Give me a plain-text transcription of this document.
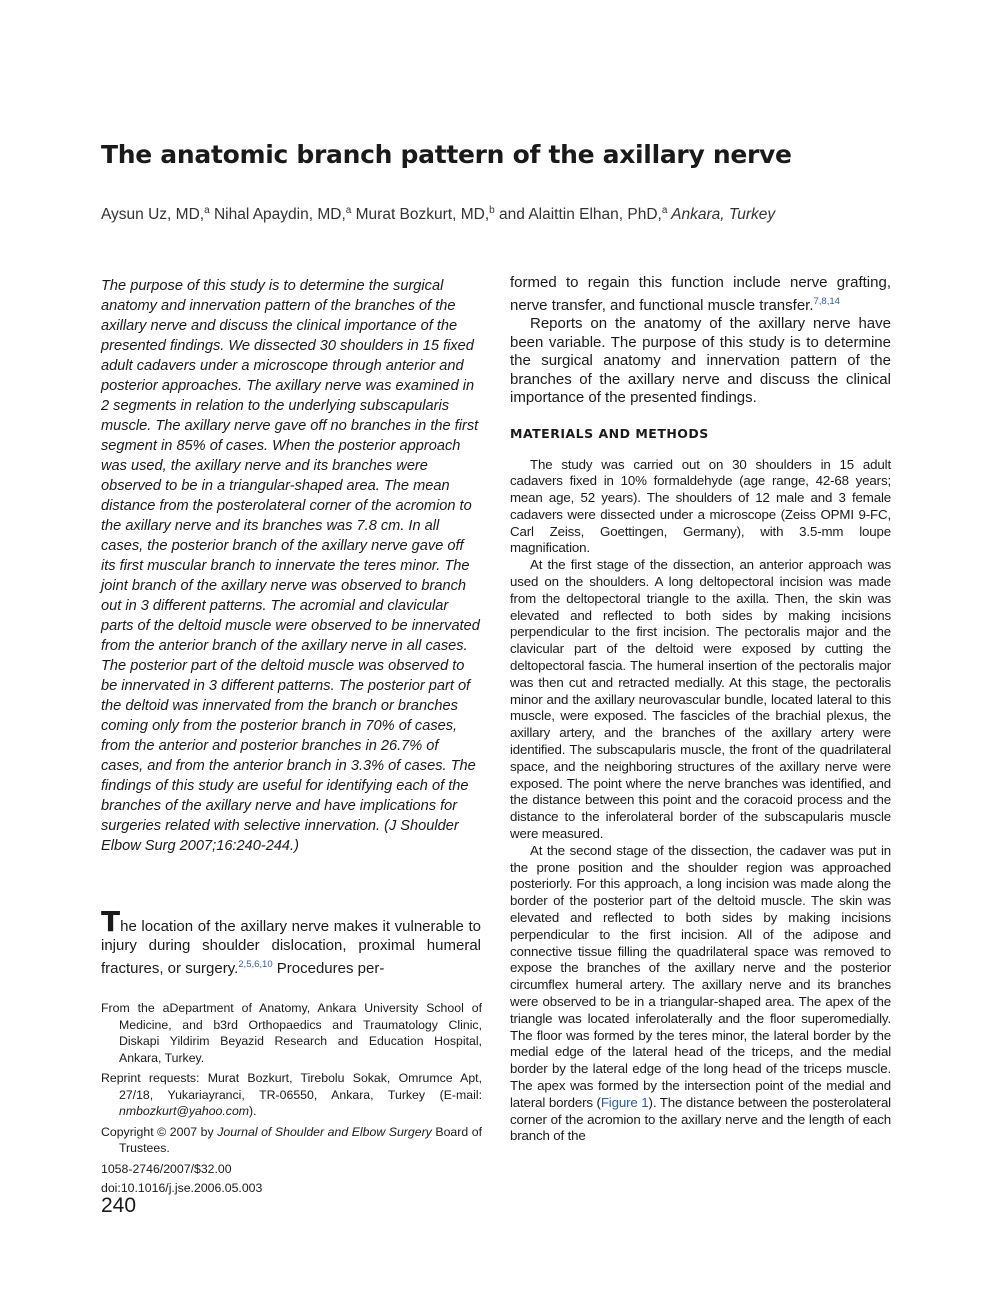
The anatomic branch pattern of the axillary nerve
Aysun Uz, MD,$^a$ Nihal Apaydin, MD,$^a$ Murat Bozkurt, MD,$^b$ and Alaittin Elhan, PhD,$^a$ Ankara, Turkey

The purpose of this study is to determine the surgical anatomy and innervation pattern of the branches of the axillary nerve and discuss the clinical importance of the presented findings. We dissected 30 shoulders in 15 fixed adult cadavers under a microscope through anterior and posterior approaches. The axillary nerve was examined in 2 segments in relation to the underlying subscapularis muscle. The axillary nerve gave off no branches in the first segment in 85% of cases. When the posterior approach was used, the axillary nerve and its branches were observed to be in a triangular-shaped area. The mean distance from the posterolateral corner of the acromion to the axillary nerve and its branches was 7.8 cm. In all cases, the posterior branch of the axillary nerve gave off its first muscular branch to innervate the teres minor. The joint branch of the axillary nerve was observed to branch out in 3 different patterns. The acromial and clavicular parts of the deltoid muscle were observed to be innervated from the anterior branch of the axillary nerve in all cases. The posterior part of the deltoid muscle was observed to be innervated in 3 different patterns. The posterior part of the deltoid was innervated from the branch or branches coming only from the posterior branch in 70% of cases, from the anterior and posterior branches in 26.7% of cases, and from the anterior branch in 3.3% of cases. The findings of this study are useful for identifying each of the branches of the axillary nerve and have implications for surgeries related with selective innervation. (J Shoulder Elbow Surg 2007;16:240-244.)

The location of the axillary nerve makes it vulnerable to injury during shoulder dislocation, proximal humeral fractures, or surgery.$^{2,5,6,10}$ Procedures per-

From the aDepartment of Anatomy, Ankara University School of Medicine, and b3rd Orthopaedics and Traumatology Clinic, Diskapi Yildirim Beyazid Research and Education Hospital, Ankara, Turkey.

Reprint requests: Murat Bozkurt, Tirebolu Sokak, Omrumce Apt, 27/18, Yukariayranci, TR-06550, Ankara, Turkey (E-mail: nmbozkurt@yahoo.com).

Copyright © 2007 by Journal of Shoulder and Elbow Surgery Board of Trustees.

1058-2746/2007/$32.00

doi:10.1016/j.jse.2006.05.003

240

formed to regain this function include nerve grafting, nerve transfer, and functional muscle transfer.$^{7,8,14}$

Reports on the anatomy of the axillary nerve have been variable. The purpose of this study is to determine the surgical anatomy and innervation pattern of the branches of the axillary nerve and discuss the clinical importance of the presented findings.

MATERIALS AND METHODS

The study was carried out on 30 shoulders in 15 adult cadavers fixed in 10% formaldehyde (age range, 42-68 years; mean age, 52 years). The shoulders of 12 male and 3 female cadavers were dissected under a microscope (Zeiss OPMI 9-FC, Carl Zeiss, Goettingen, Germany), with 3.5-mm loupe magnification.

At the first stage of the dissection, an anterior approach was used on the shoulders. A long deltopectoral incision was made from the deltopectoral triangle to the axilla. Then, the skin was elevated and reflected to both sides by making incisions perpendicular to the first incision. The pectoralis major and the clavicular part of the deltoid were exposed by cutting the deltopectoral fascia. The humeral insertion of the pectoralis major was then cut and retracted medially. At this stage, the pectoralis minor and the axillary neurovascular bundle, located lateral to this muscle, were exposed. The fascicles of the brachial plexus, the axillary artery, and the branches of the axillary artery were identified. The subscapularis muscle, the front of the quadrilateral space, and the neighboring structures of the axillary nerve were exposed. The point where the nerve branches was identified, and the distance between this point and the coracoid process and the distance to the inferolateral border of the subscapularis muscle were measured.

At the second stage of the dissection, the cadaver was put in the prone position and the shoulder region was approached posteriorly. For this approach, a long incision was made along the border of the posterior part of the deltoid muscle. The skin was elevated and reflected to both sides by making incisions perpendicular to the first incision. All of the adipose and connective tissue filling the quadrilateral space was removed to expose the branches of the axillary nerve and the posterior circumflex humeral artery. The axillary nerve and its branches were observed to be in a triangular-shaped area. The apex of the triangle was located inferolaterally and the floor superomedially. The floor was formed by the teres minor, the lateral border by the medial edge of the lateral head of the triceps, and the medial border by the lateral edge of the long head of the triceps muscle. The apex was formed by the intersection point of the medial and lateral borders (Figure 1). The distance between the posterolateral corner of the acromion to the axillary nerve and the length of each branch of the
